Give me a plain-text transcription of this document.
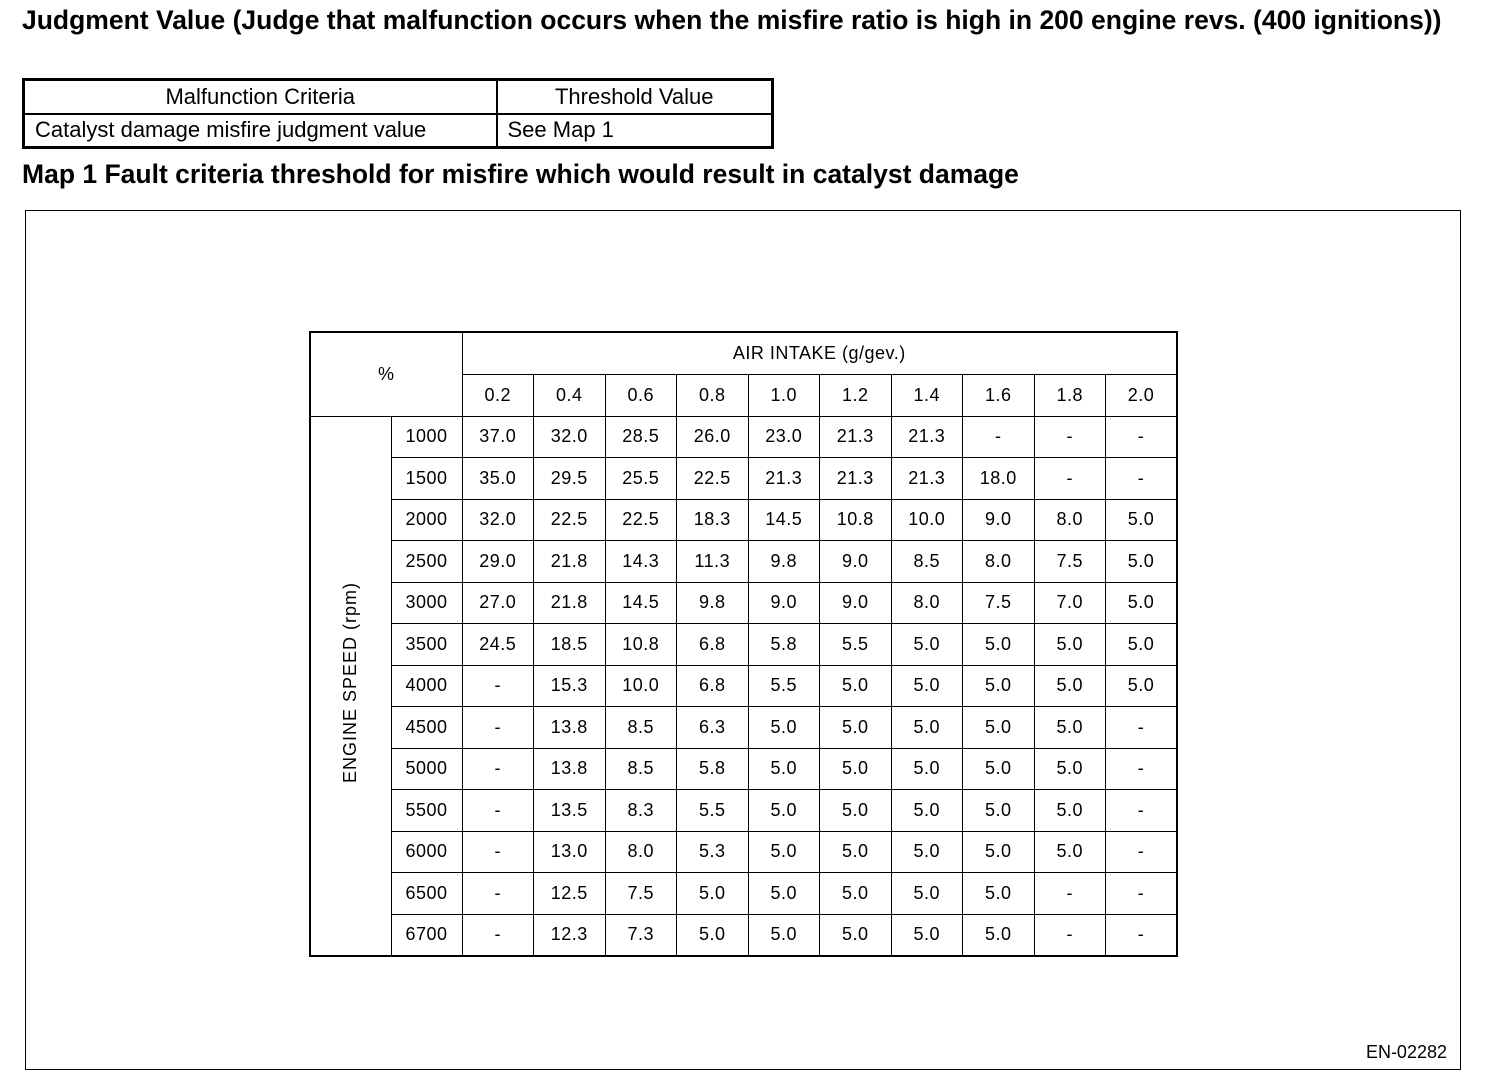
Judgment Value (Judge that malfunction occurs when the misfire ratio is high in 200 engine revs. (400 ignitions))
Malfunction Criteria	Threshold Value
Catalyst damage misfire judgment value	See Map 1
Map 1 Fault criteria threshold for misfire which would result in catalyst damage
EN-02282
%		AIR INTAKE (g/gev.)									
		0.2	0.4	0.6	0.8	1.0	1.2	1.4	1.6	1.8	2.0
ENGINE SPEED (rpm)	1000	37.0	32.0	28.5	26.0	23.0	21.3	21.3	-	-	-
	1500	35.0	29.5	25.5	22.5	21.3	21.3	21.3	18.0	-	-
	2000	32.0	22.5	22.5	18.3	14.5	10.8	10.0	9.0	8.0	5.0
	2500	29.0	21.8	14.3	11.3	9.8	9.0	8.5	8.0	7.5	5.0
	3000	27.0	21.8	14.5	9.8	9.0	9.0	8.0	7.5	7.0	5.0
	3500	24.5	18.5	10.8	6.8	5.8	5.5	5.0	5.0	5.0	5.0
	4000	-	15.3	10.0	6.8	5.5	5.0	5.0	5.0	5.0	5.0
	4500	-	13.8	8.5	6.3	5.0	5.0	5.0	5.0	5.0	-
	5000	-	13.8	8.5	5.8	5.0	5.0	5.0	5.0	5.0	-
	5500	-	13.5	8.3	5.5	5.0	5.0	5.0	5.0	5.0	-
	6000	-	13.0	8.0	5.3	5.0	5.0	5.0	5.0	5.0	-
	6500	-	12.5	7.5	5.0	5.0	5.0	5.0	5.0	-	-
	6700	-	12.3	7.3	5.0	5.0	5.0	5.0	5.0	-	-
